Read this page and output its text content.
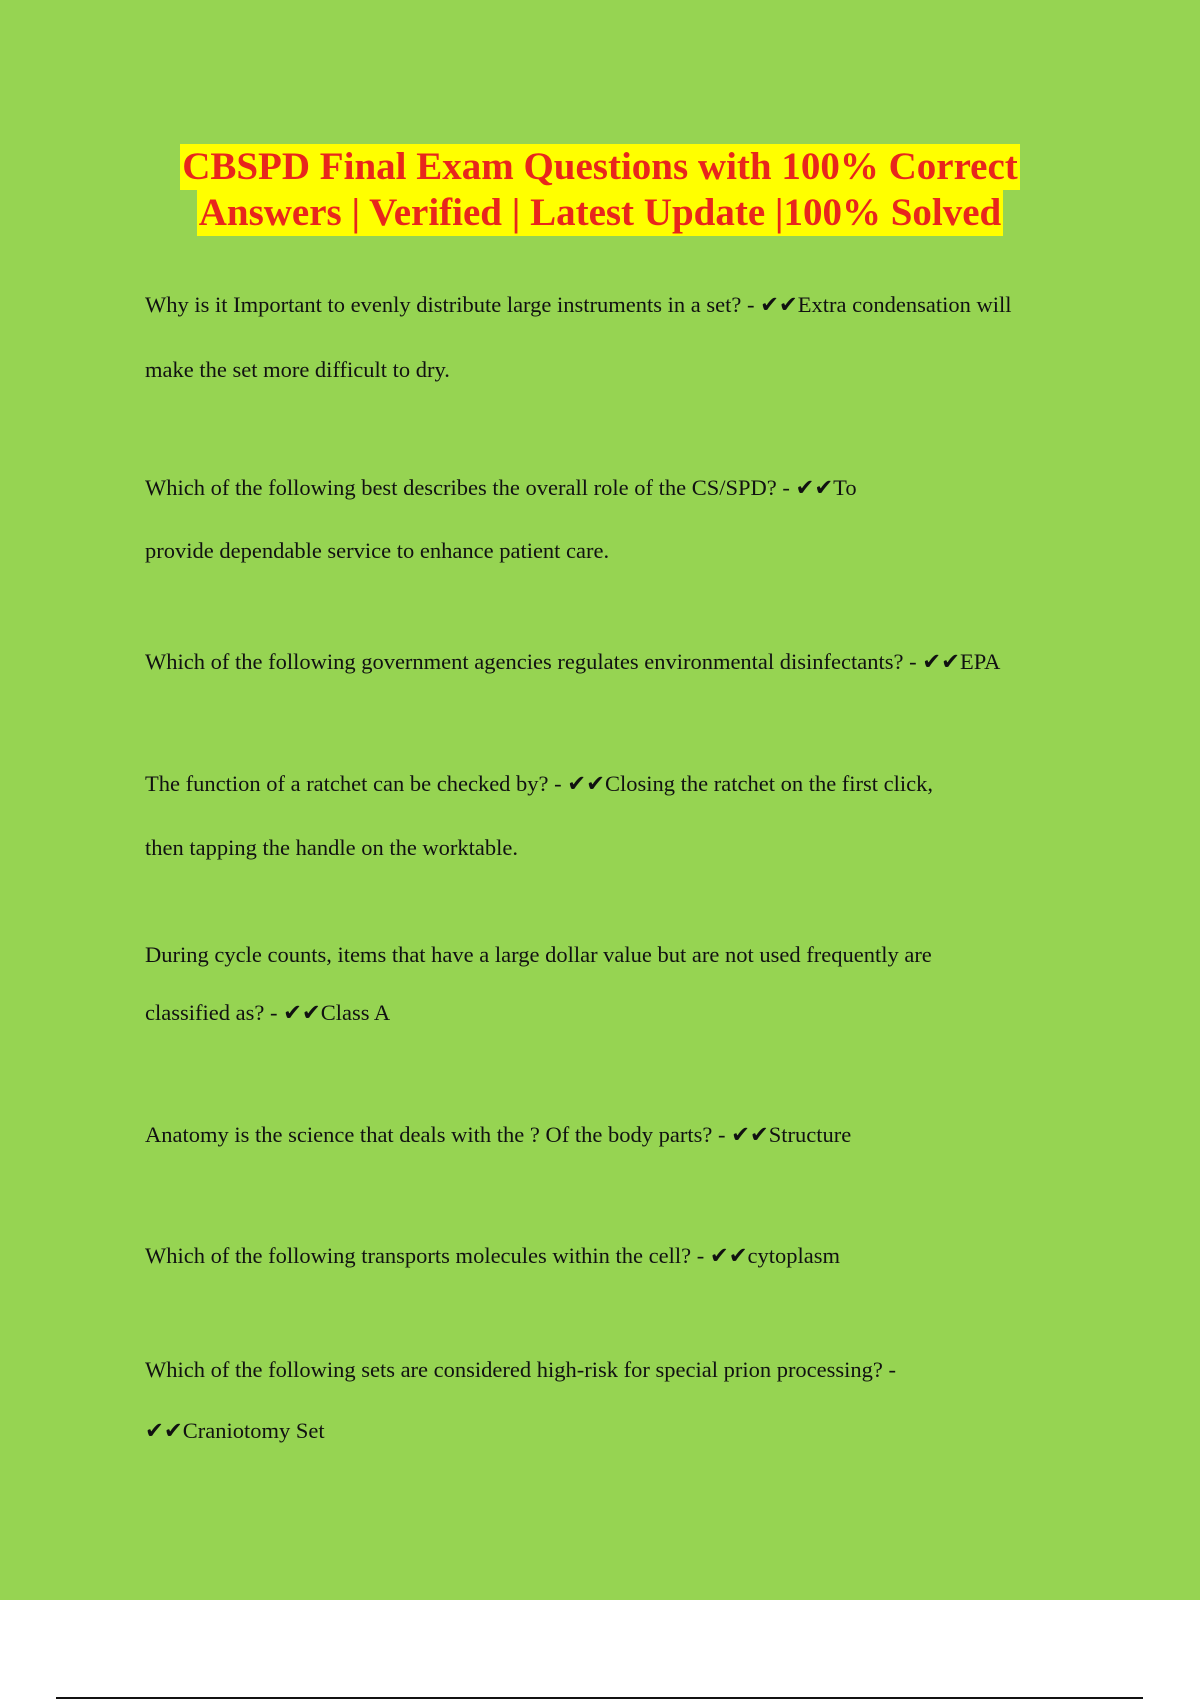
CBSPD Final Exam Questions with 100% Correct
Answers | Verified | Latest Update |100% Solved
Why is it Important to evenly distribute large instruments in a set? - ✔✔Extra condensation will
make the set more difficult to dry.
Which of the following best describes the overall role of the CS/SPD? - ✔✔To
provide dependable service to enhance patient care.
Which of the following government agencies regulates environmental disinfectants? - ✔✔EPA
The function of a ratchet can be checked by? - ✔✔Closing the ratchet on the first click,
then tapping the handle on the worktable.
During cycle counts, items that have a large dollar value but are not used frequently are
classified as? - ✔✔Class A
Anatomy is the science that deals with the ? Of the body parts? - ✔✔Structure
Which of the following transports molecules within the cell? - ✔✔cytoplasm
Which of the following sets are considered high-risk for special prion processing? -
✔✔Craniotomy Set
